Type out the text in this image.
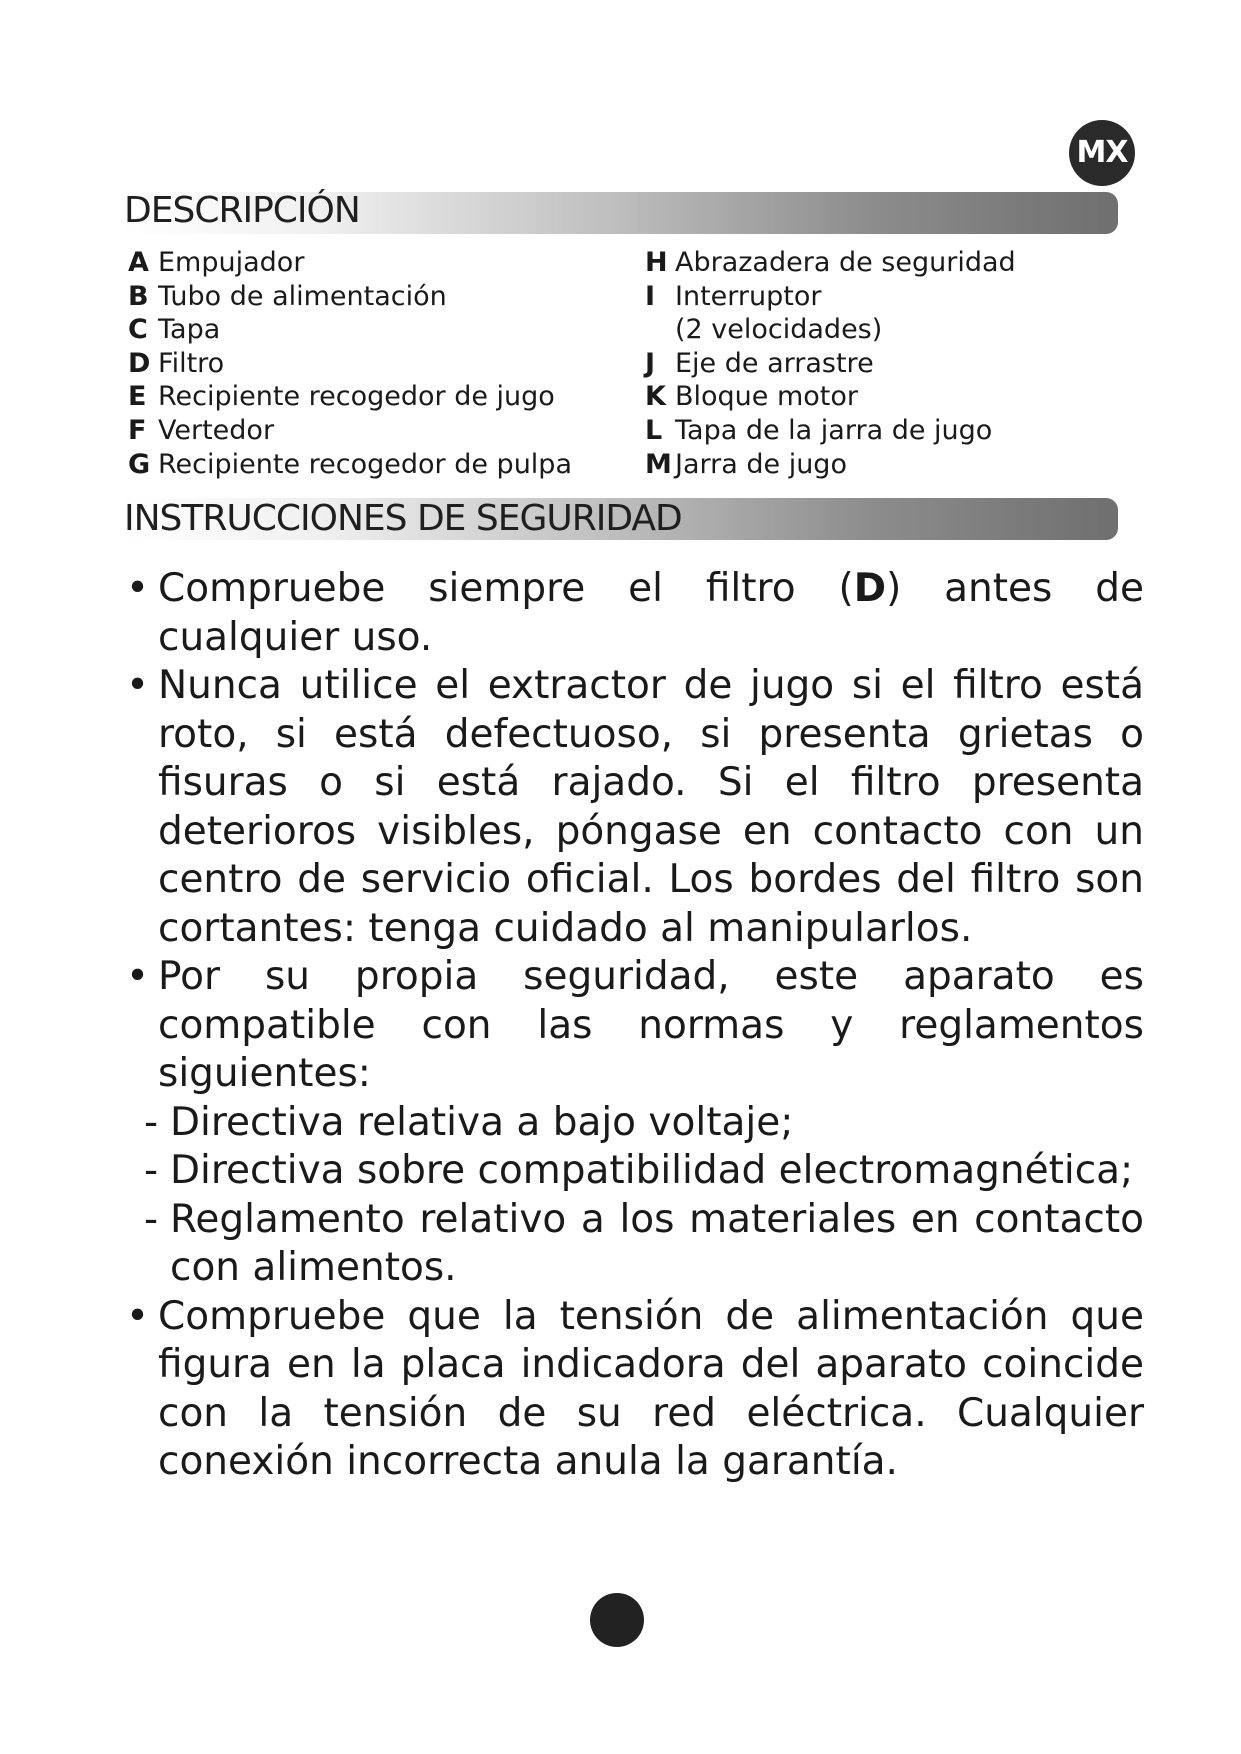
MX
DESCRIPCIÓN
A Empujador
B Tubo de alimentación
C Tapa
D Filtro
E Recipiente recogedor de jugo
F Vertedor
G Recipiente recogedor de pulpa
H Abrazadera de seguridad
I Interruptor
(2 velocidades)
J Eje de arrastre
K Bloque motor
L Tapa de la jarra de jugo
M Jarra de jugo
INSTRUCCIONES DE SEGURIDAD
• Compruebe siempre el filtro (D) antes de cualquier uso.
• Nunca utilice el extractor de jugo si el filtro está roto, si está defectuoso, si presenta grietas o fisuras o si está rajado. Si el filtro presenta deterioros visibles, póngase en contacto con un centro de servicio oficial. Los bordes del filtro son cortantes: tenga cuidado al manipularlos.
• Por su propia seguridad, este aparato es compatible con las normas y reglamentos siguientes:
- Directiva relativa a bajo voltaje;
- Directiva sobre compatibilidad electromagnética;
- Reglamento relativo a los materiales en contacto con alimentos.
• Compruebe que la tensión de alimentación que figura en la placa indicadora del aparato coincide con la tensión de su red eléctrica. Cualquier conexión incorrecta anula la garantía.
